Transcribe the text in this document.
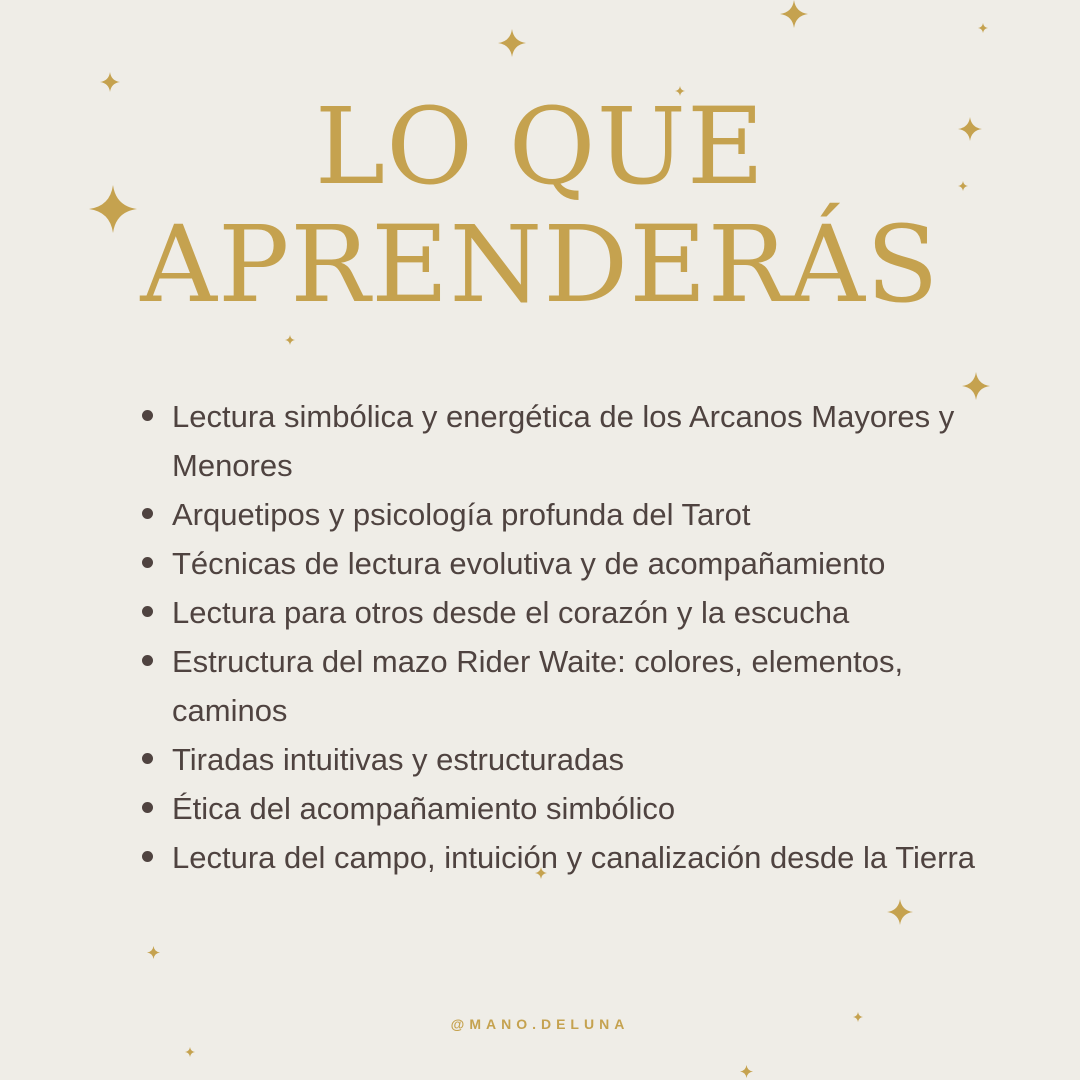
LO QUE
APRENDERÁS
Lectura simbólica y energética de los Arcanos Mayores y Menores
Arquetipos y psicología profunda del Tarot
Técnicas de lectura evolutiva y de acompañamiento
Lectura para otros desde el corazón y la escucha
Estructura del mazo Rider Waite: colores, elementos, caminos
Tiradas intuitivas y estructuradas
Ética del acompañamiento simbólico
Lectura del campo, intuición y canalización desde la Tierra
@MANO.DELUNA
